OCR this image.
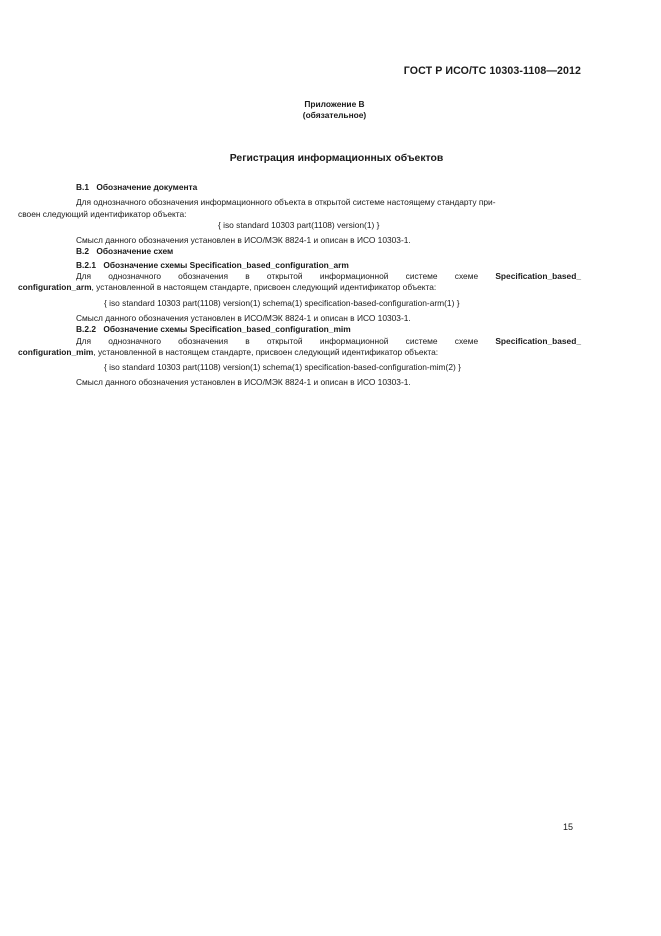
ГОСТ Р ИСО/ТС 10303-1108—2012
Приложение В
(обязательное)
Регистрация информационных объектов
В.1 Обозначение документа
Для однозначного обозначения информационного объекта в открытой системе настоящему стандарту при-
своен следующий идентификатор объекта:
{ iso standard 10303 part(1108) version(1) }
Смысл данного обозначения установлен в ИСО/МЭК 8824-1 и описан в ИСО 10303-1.
В.2 Обозначение схем
В.2.1 Обозначение схемы Specification_based_configuration_arm
Для однозначного обозначения в открытой информационной системе схеме Specification_based_
configuration_arm, установленной в настоящем стандарте, присвоен следующий идентификатор объекта:
{ iso standard 10303 part(1108) version(1) schema(1) specification-based-configuration-arm(1) }
Смысл данного обозначения установлен в ИСО/МЭК 8824-1 и описан в ИСО 10303-1.
В.2.2 Обозначение схемы Specification_based_configuration_mim
Для однозначного обозначения в открытой информационной системе схеме Specification_based_
configuration_mim, установленной в настоящем стандарте, присвоен следующий идентификатор объекта:
{ iso standard 10303 part(1108) version(1) schema(1) specification-based-configuration-mim(2) }
Смысл данного обозначения установлен в ИСО/МЭК 8824-1 и описан в ИСО 10303-1.
15
